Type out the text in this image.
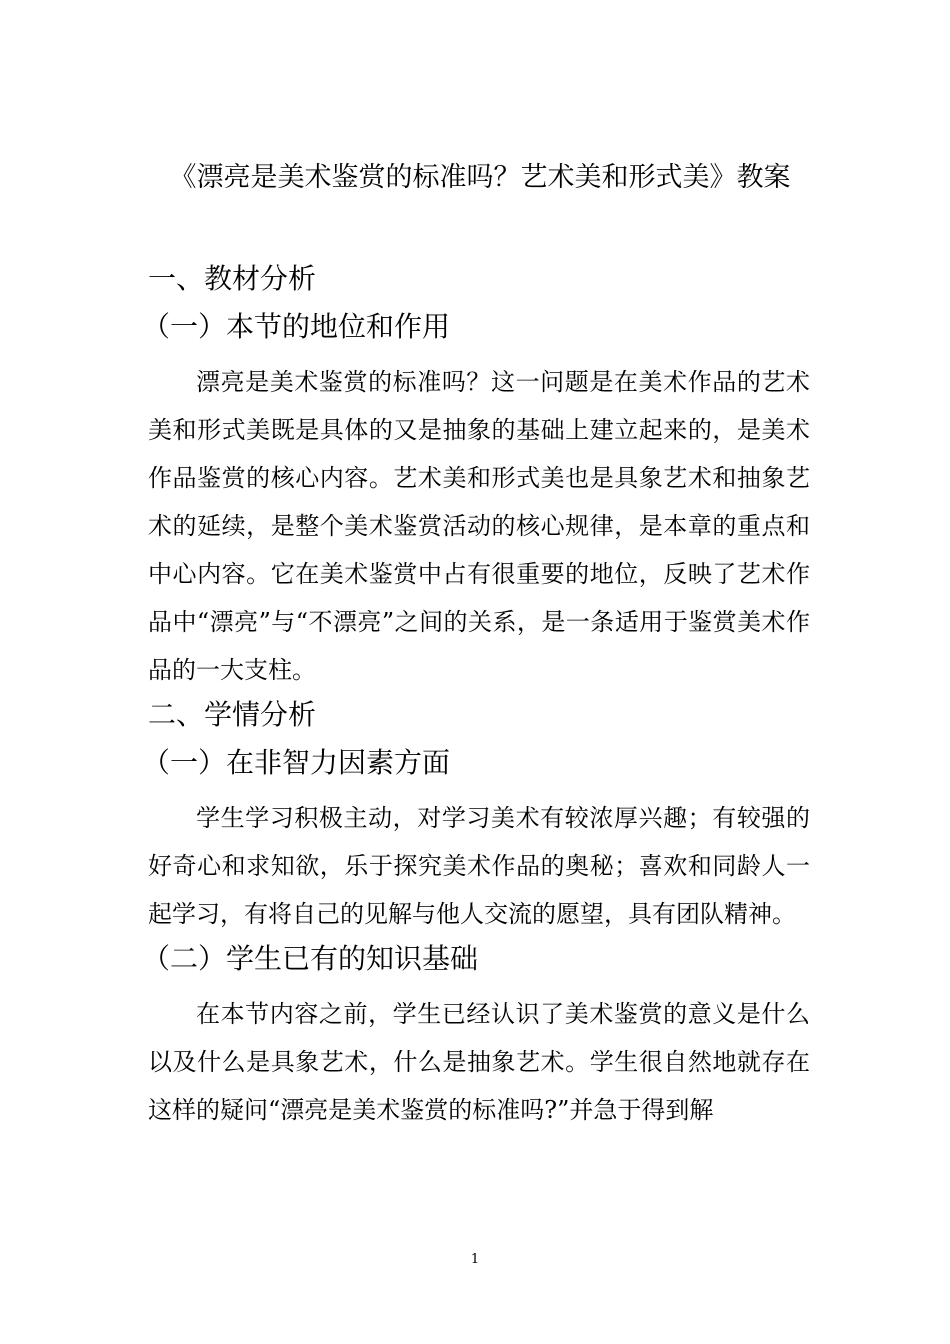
《漂亮是美术鉴赏的标准吗？艺术美和形式美》教案
一、教材分析
（一）本节的地位和作用

漂亮是美术鉴赏的标准吗？这一问题是在美术作品的艺术美和形式美既是具体的又是抽象的基础上建立起来的，是美术作品鉴赏的核心内容。艺术美和形式美也是具象艺术和抽象艺术的延续，是整个美术鉴赏活动的核心规律，是本章的重点和中心内容。它在美术鉴赏中占有很重要的地位，反映了艺术作品中“漂亮”与“不漂亮”之间的关系，是一条适用于鉴赏美术作品的一大支柱。

二、学情分析
（一）在非智力因素方面

学生学习积极主动，对学习美术有较浓厚兴趣；有较强的好奇心和求知欲，乐于探究美术作品的奥秘；喜欢和同龄人一起学习，有将自己的见解与他人交流的愿望，具有团队精神。

（二）学生已有的知识基础

在本节内容之前，学生已经认识了美术鉴赏的意义是什么以及什么是具象艺术，什么是抽象艺术。学生很自然地就存在这样的疑问“漂亮是美术鉴赏的标准吗?”并急于得到解

1
